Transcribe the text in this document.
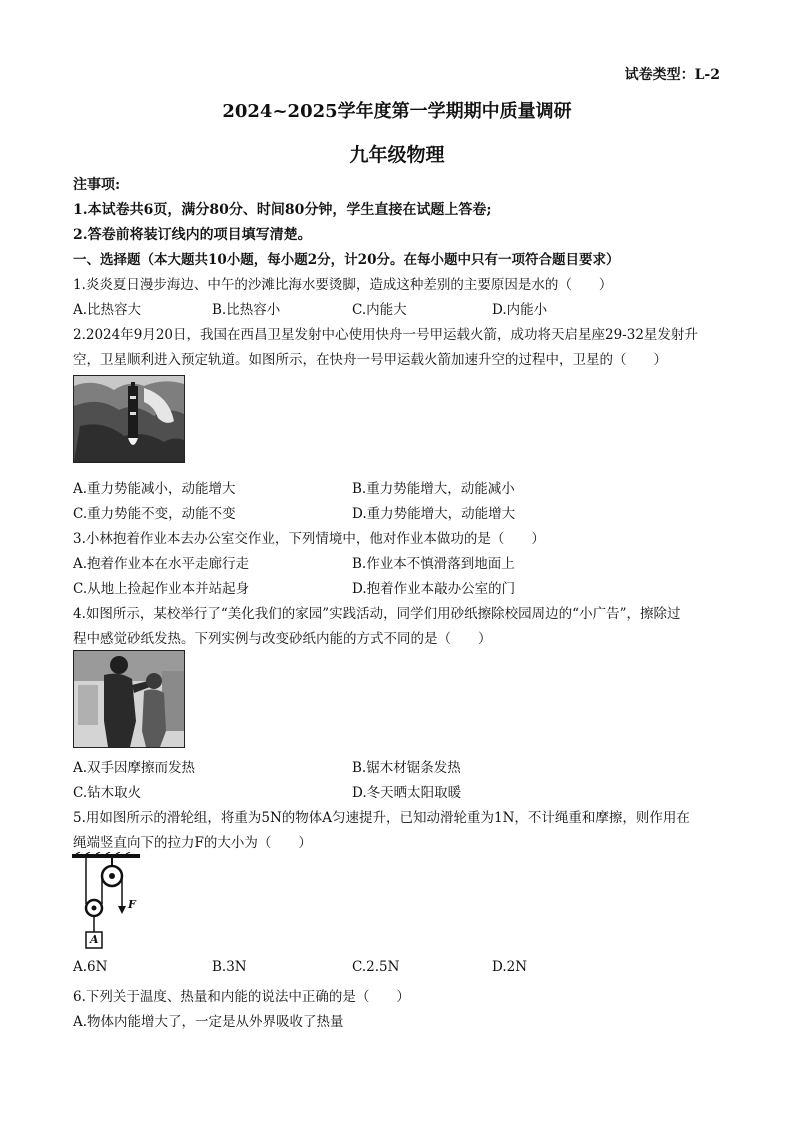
试卷类型：L-2
2024~2025学年度第一学期期中质量调研
九年级物理
注事项:
1.本试卷共6页，满分80分、时间80分钟，学生直接在试题上答卷;
2.答卷前将装订线内的项目填写清楚。
一、选择题（本大题共10小题，每小题2分，计20分。在每小题中只有一项符合题目要求）
1.炎炎夏日漫步海边、中午的沙滩比海水要烫脚，造成这种差别的主要原因是水的（　　）
A.比热容大	B.比热容小	C.内能大	D.内能小
2.2024年9月20日，我国在西昌卫星发射中心使用快舟一号甲运载火箭，成功将天启星座29-32星发射升
空，卫星顺利进入预定轨道。如图所示，在快舟一号甲运载火箭加速升空的过程中，卫星的（　　）
A.重力势能减小，动能增大	B.重力势能增大，动能减小
C.重力势能不变，动能不变	D.重力势能增大，动能增大
3.小林抱着作业本去办公室交作业，下列情境中，他对作业本做功的是（　　）
A.抱着作业本在水平走廊行走	B.作业本不慎滑落到地面上
C.从地上捡起作业本并站起身	D.抱着作业本敲办公室的门
4.如图所示，某校举行了“美化我们的家园”实践活动，同学们用砂纸擦除校园周边的“小广告”，擦除过
程中感觉砂纸发热。下列实例与改变砂纸内能的方式不同的是（　　）
A.双手因摩擦而发热	B.锯木材锯条发热
C.钻木取火	D.冬天晒太阳取暖
5.用如图所示的滑轮组，将重为5N的物体A匀速提升，已知动滑轮重为1N，不计绳重和摩擦，则作用在
绳端竖直向下的拉力F的大小为（　　）
F
A
A.6N	B.3N	C.2.5N	D.2N
6.下列关于温度、热量和内能的说法中正确的是（　　）
A.物体内能增大了，一定是从外界吸收了热量
